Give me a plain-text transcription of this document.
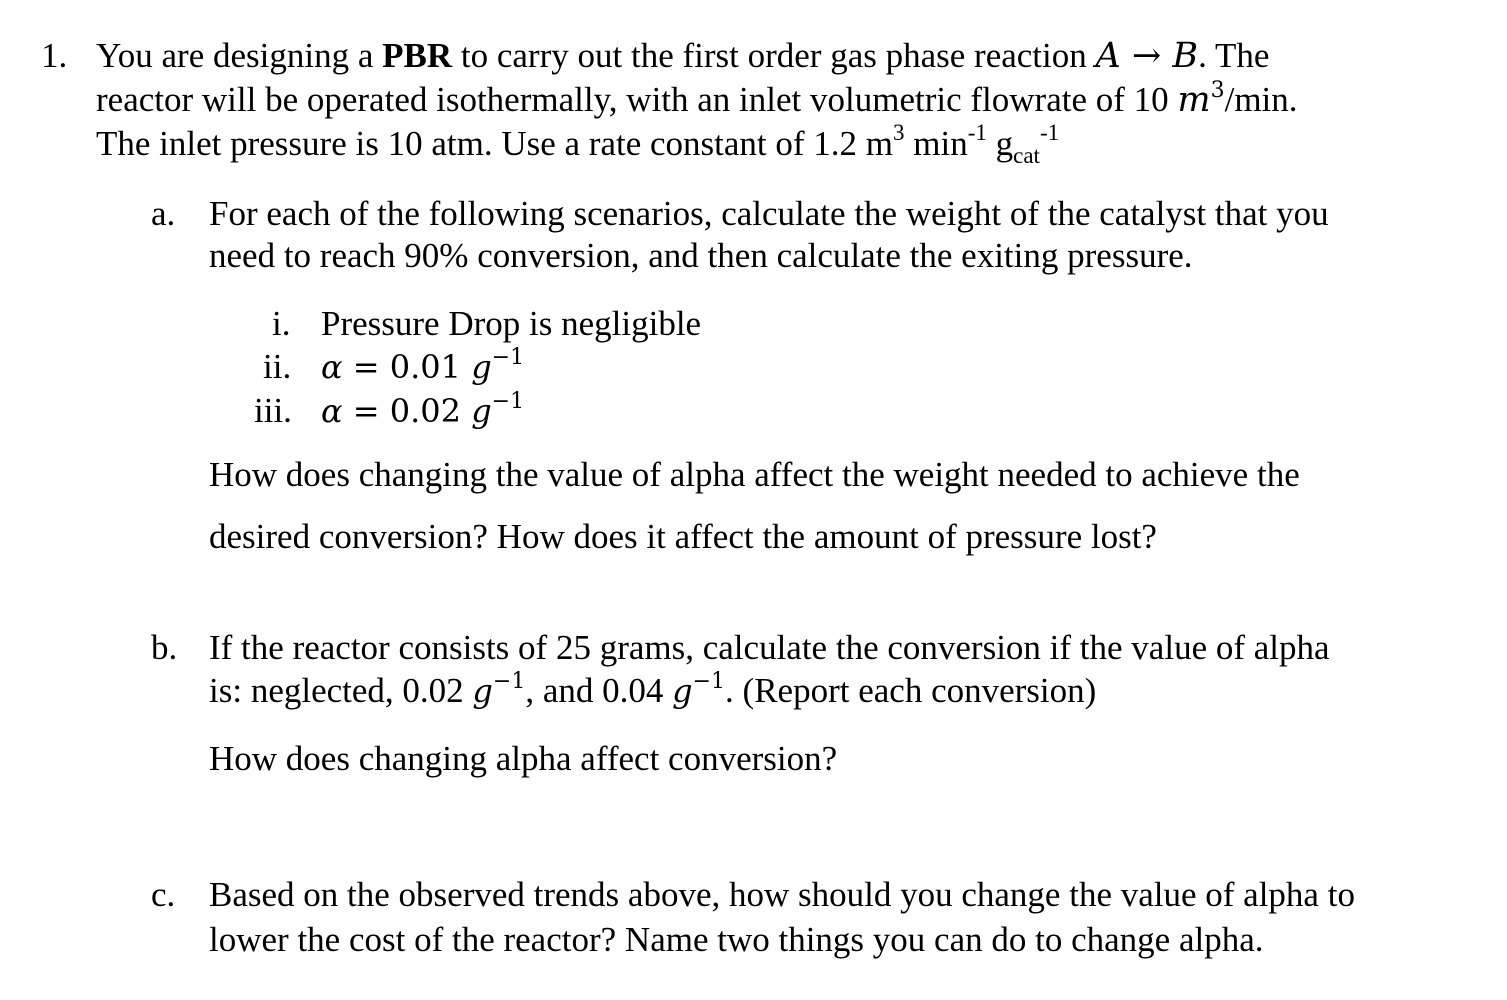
1. You are designing a PBR to carry out the first order gas phase reaction A → B. The
reactor will be operated isothermally, with an inlet volumetric flowrate of 10 $m^3/\min$.
The inlet pressure is 10 atm. Use a rate constant of 1.2 $m^3$ $\min^{-1} g_{cat}^{-1}$
a. For each of the following scenarios, calculate the weight of the catalyst that you
need to reach 90% conversion, and then calculate the exiting pressure.
i. Pressure Drop is negligible
ii. α = 0.01 $g^{-1}$
iii. α = 0.02 $g^{-1}$
How does changing the value of alpha affect the weight needed to achieve the
desired conversion? How does it affect the amount of pressure lost?
b. If the reactor consists of 25 grams, calculate the conversion if the value of alpha
is: neglected, 0.02 $g^{-1}$, and 0.04 $g^{-1}$. (Report each conversion)
How does changing alpha affect conversion?
c. Based on the observed trends above, how should you change the value of alpha to
lower the cost of the reactor? Name two things you can do to change alpha.
